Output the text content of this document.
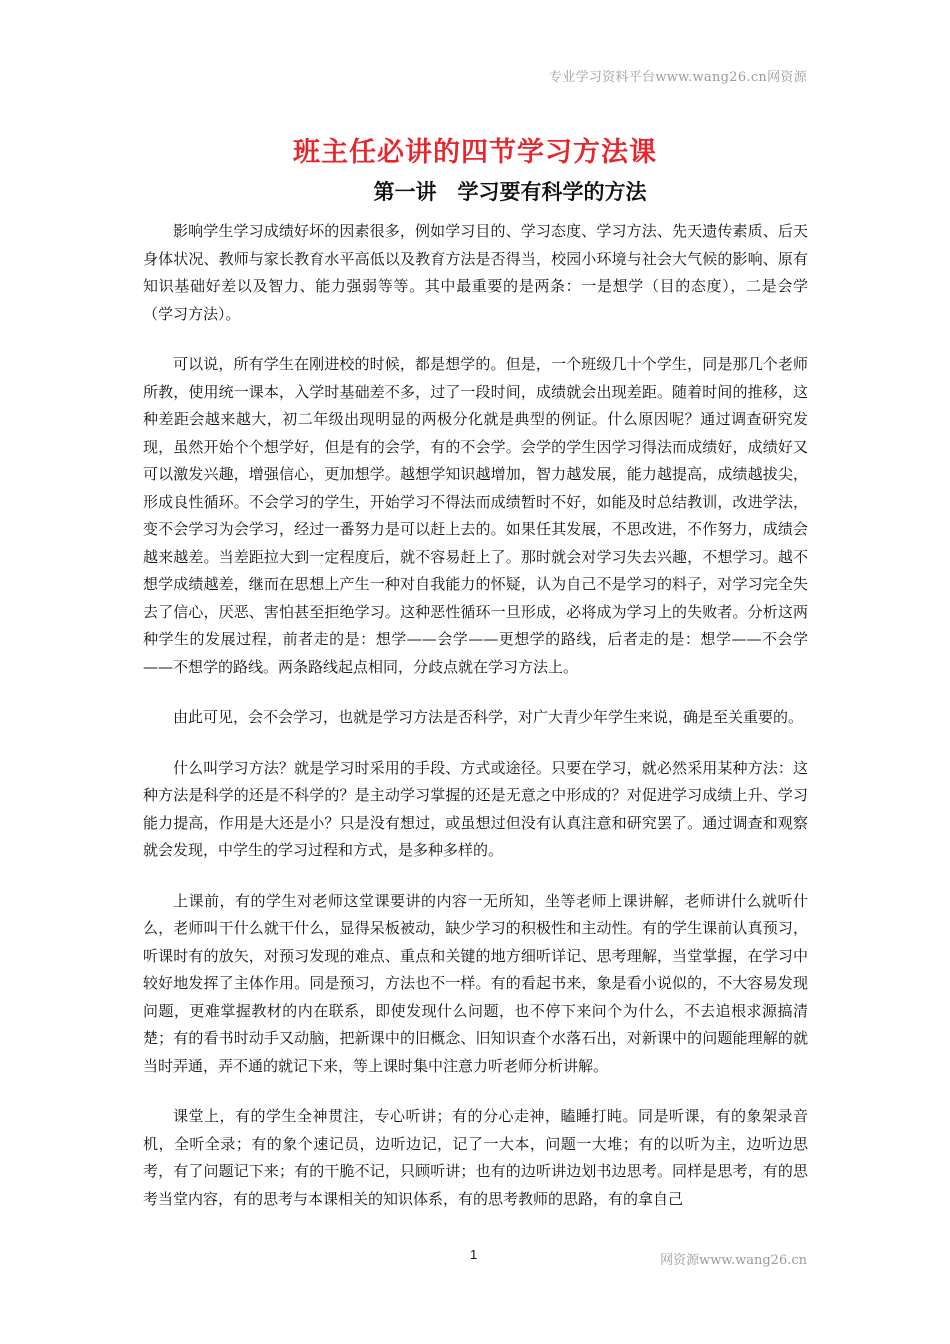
专业学习资料平台www.wang26.cn网资源
班主任必讲的四节学习方法课
第一讲　学习要有科学的方法

影响学生学习成绩好坏的因素很多，例如学习目的、学习态度、学习方法、先天遗传素质、后天身体状况、教师与家长教育水平高低以及教育方法是否得当，校园小环境与社会大气候的影响、原有知识基础好差以及智力、能力强弱等等。其中最重要的是两条：一是想学（目的态度），二是会学（学习方法）。

可以说，所有学生在刚进校的时候，都是想学的。但是，一个班级几十个学生，同是那几个老师所教，使用统一课本，入学时基础差不多，过了一段时间，成绩就会出现差距。随着时间的推移，这种差距会越来越大，初二年级出现明显的两极分化就是典型的例证。什么原因呢？通过调查研究发现，虽然开始个个想学好，但是有的会学，有的不会学。会学的学生因学习得法而成绩好，成绩好又可以激发兴趣，增强信心，更加想学。越想学知识越增加，智力越发展，能力越提高，成绩越拔尖，形成良性循环。不会学习的学生，开始学习不得法而成绩暂时不好，如能及时总结教训，改进学法，变不会学习为会学习，经过一番努力是可以赶上去的。如果任其发展，不思改进，不作努力，成绩会越来越差。当差距拉大到一定程度后，就不容易赶上了。那时就会对学习失去兴趣，不想学习。越不想学成绩越差，继而在思想上产生一种对自我能力的怀疑，认为自己不是学习的料子，对学习完全失去了信心，厌恶、害怕甚至拒绝学习。这种恶性循环一旦形成，必将成为学习上的失败者。分析这两种学生的发展过程，前者走的是：想学——会学——更想学的路线，后者走的是：想学——不会学——不想学的路线。两条路线起点相同，分歧点就在学习方法上。

由此可见，会不会学习，也就是学习方法是否科学，对广大青少年学生来说，确是至关重要的。

什么叫学习方法？就是学习时采用的手段、方式或途径。只要在学习，就必然采用某种方法：这种方法是科学的还是不科学的？是主动学习掌握的还是无意之中形成的？对促进学习成绩上升、学习能力提高，作用是大还是小？只是没有想过，或虽想过但没有认真注意和研究罢了。通过调查和观察就会发现，中学生的学习过程和方式，是多种多样的。

上课前，有的学生对老师这堂课要讲的内容一无所知，坐等老师上课讲解，老师讲什么就听什么，老师叫干什么就干什么，显得呆板被动，缺少学习的积极性和主动性。有的学生课前认真预习，听课时有的放矢，对预习发现的难点、重点和关键的地方细听详记、思考理解，当堂掌握，在学习中较好地发挥了主体作用。同是预习，方法也不一样。有的看起书来，象是看小说似的，不大容易发现问题，更难掌握教材的内在联系，即使发现什么问题，也不停下来问个为什么，不去追根求源搞清楚；有的看书时动手又动脑，把新课中的旧概念、旧知识查个水落石出，对新课中的问题能理解的就当时弄通，弄不通的就记下来，等上课时集中注意力听老师分析讲解。

课堂上，有的学生全神贯注，专心听讲；有的分心走神，瞌睡打盹。同是听课，有的象架录音机，全听全录；有的象个速记员，边听边记，记了一大本，问题一大堆；有的以听为主，边听边思考，有了问题记下来；有的干脆不记，只顾听讲；也有的边听讲边划书边思考。同样是思考，有的思考当堂内容，有的思考与本课相关的知识体系，有的思考教师的思路，有的拿自己

1	网资源www.wang26.cn
